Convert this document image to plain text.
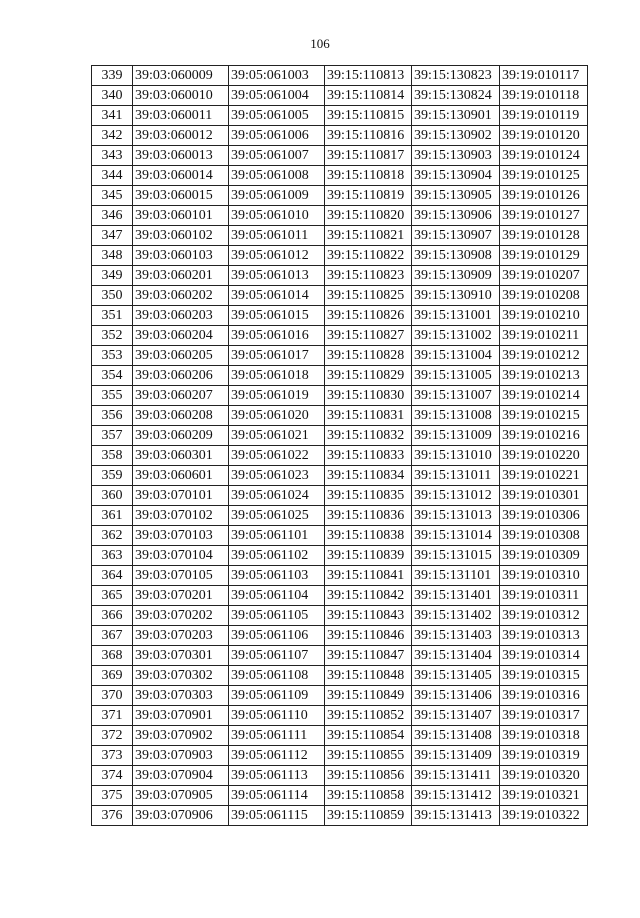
106
339	39:03:060009	39:05:061003	39:15:110813	39:15:130823	39:19:010117
340	39:03:060010	39:05:061004	39:15:110814	39:15:130824	39:19:010118
341	39:03:060011	39:05:061005	39:15:110815	39:15:130901	39:19:010119
342	39:03:060012	39:05:061006	39:15:110816	39:15:130902	39:19:010120
343	39:03:060013	39:05:061007	39:15:110817	39:15:130903	39:19:010124
344	39:03:060014	39:05:061008	39:15:110818	39:15:130904	39:19:010125
345	39:03:060015	39:05:061009	39:15:110819	39:15:130905	39:19:010126
346	39:03:060101	39:05:061010	39:15:110820	39:15:130906	39:19:010127
347	39:03:060102	39:05:061011	39:15:110821	39:15:130907	39:19:010128
348	39:03:060103	39:05:061012	39:15:110822	39:15:130908	39:19:010129
349	39:03:060201	39:05:061013	39:15:110823	39:15:130909	39:19:010207
350	39:03:060202	39:05:061014	39:15:110825	39:15:130910	39:19:010208
351	39:03:060203	39:05:061015	39:15:110826	39:15:131001	39:19:010210
352	39:03:060204	39:05:061016	39:15:110827	39:15:131002	39:19:010211
353	39:03:060205	39:05:061017	39:15:110828	39:15:131004	39:19:010212
354	39:03:060206	39:05:061018	39:15:110829	39:15:131005	39:19:010213
355	39:03:060207	39:05:061019	39:15:110830	39:15:131007	39:19:010214
356	39:03:060208	39:05:061020	39:15:110831	39:15:131008	39:19:010215
357	39:03:060209	39:05:061021	39:15:110832	39:15:131009	39:19:010216
358	39:03:060301	39:05:061022	39:15:110833	39:15:131010	39:19:010220
359	39:03:060601	39:05:061023	39:15:110834	39:15:131011	39:19:010221
360	39:03:070101	39:05:061024	39:15:110835	39:15:131012	39:19:010301
361	39:03:070102	39:05:061025	39:15:110836	39:15:131013	39:19:010306
362	39:03:070103	39:05:061101	39:15:110838	39:15:131014	39:19:010308
363	39:03:070104	39:05:061102	39:15:110839	39:15:131015	39:19:010309
364	39:03:070105	39:05:061103	39:15:110841	39:15:131101	39:19:010310
365	39:03:070201	39:05:061104	39:15:110842	39:15:131401	39:19:010311
366	39:03:070202	39:05:061105	39:15:110843	39:15:131402	39:19:010312
367	39:03:070203	39:05:061106	39:15:110846	39:15:131403	39:19:010313
368	39:03:070301	39:05:061107	39:15:110847	39:15:131404	39:19:010314
369	39:03:070302	39:05:061108	39:15:110848	39:15:131405	39:19:010315
370	39:03:070303	39:05:061109	39:15:110849	39:15:131406	39:19:010316
371	39:03:070901	39:05:061110	39:15:110852	39:15:131407	39:19:010317
372	39:03:070902	39:05:061111	39:15:110854	39:15:131408	39:19:010318
373	39:03:070903	39:05:061112	39:15:110855	39:15:131409	39:19:010319
374	39:03:070904	39:05:061113	39:15:110856	39:15:131411	39:19:010320
375	39:03:070905	39:05:061114	39:15:110858	39:15:131412	39:19:010321
376	39:03:070906	39:05:061115	39:15:110859	39:15:131413	39:19:010322
